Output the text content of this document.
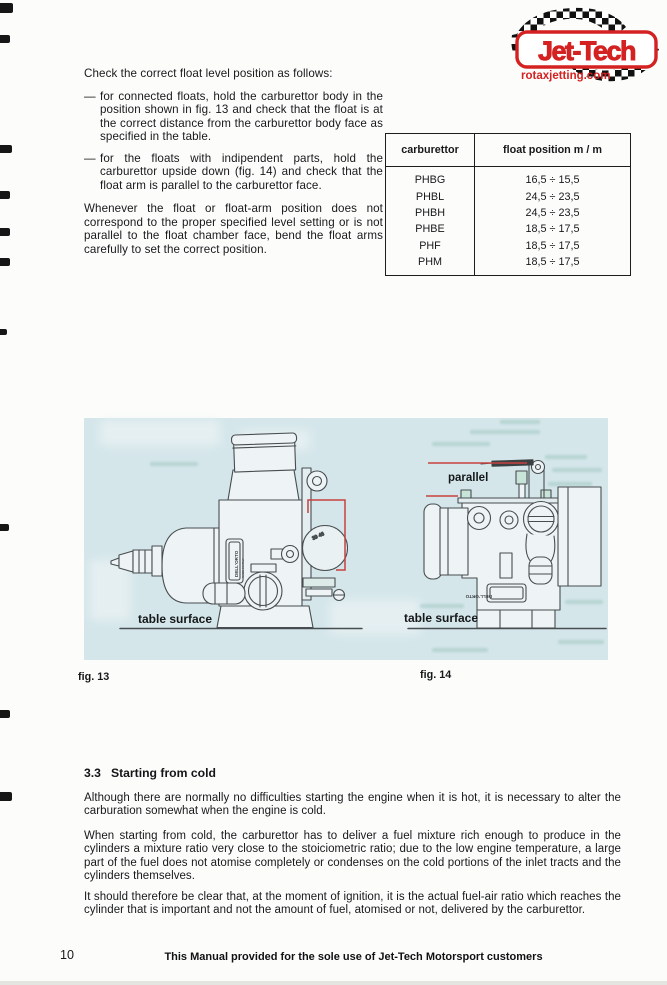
Jet-Tech
rotaxjetting.com
Check the correct float level position as follows:
— for connected floats, hold the carburettor body in the position shown in fig. 13 and check that the float is at the correct distance from the carburettor body face as specified in the table.
— for the floats with indipendent parts, hold the carburettor upside down (fig. 14) and check that the float arm is parallel to the carburettor face.
Whenever the float or float-arm position does not correspond to the proper specified level setting or is not parallel to the float chamber face, bend the float arms carefully to set the correct position.
carburettor	float position m / m
PHBG	16,5 ÷ 15,5
PHBL	24,5 ÷ 23,5
PHBH	24,5 ÷ 23,5
PHBE	18,5 ÷ 17,5
PHF	18,5 ÷ 17,5
PHM	18,5 ÷ 17,5
39 46
DELL'ORTO MADE IN ITALY
table surface
DELL'ORTO
parallel
table surface
fig. 13	fig. 14
3.3 Starting from cold
Although there are normally no difficulties starting the engine when it is hot, it is necessary to alter the carburation somewhat when the engine is cold.
When starting from cold, the carburettor has to deliver a fuel mixture rich enough to produce in the cylinders a mixture ratio very close to the stoiciometric ratio; due to the low engine temperature, a large part of the fuel does not atomise completely or condenses on the cold portions of the inlet tracts and the cylinders themselves.
It should therefore be clear that, at the moment of ignition, it is the actual fuel-air ratio which reaches the cylinder that is important and not the amount of fuel, atomised or not, delivered by the carburettor.
10	This Manual provided for the sole use of Jet-Tech Motorsport customers
